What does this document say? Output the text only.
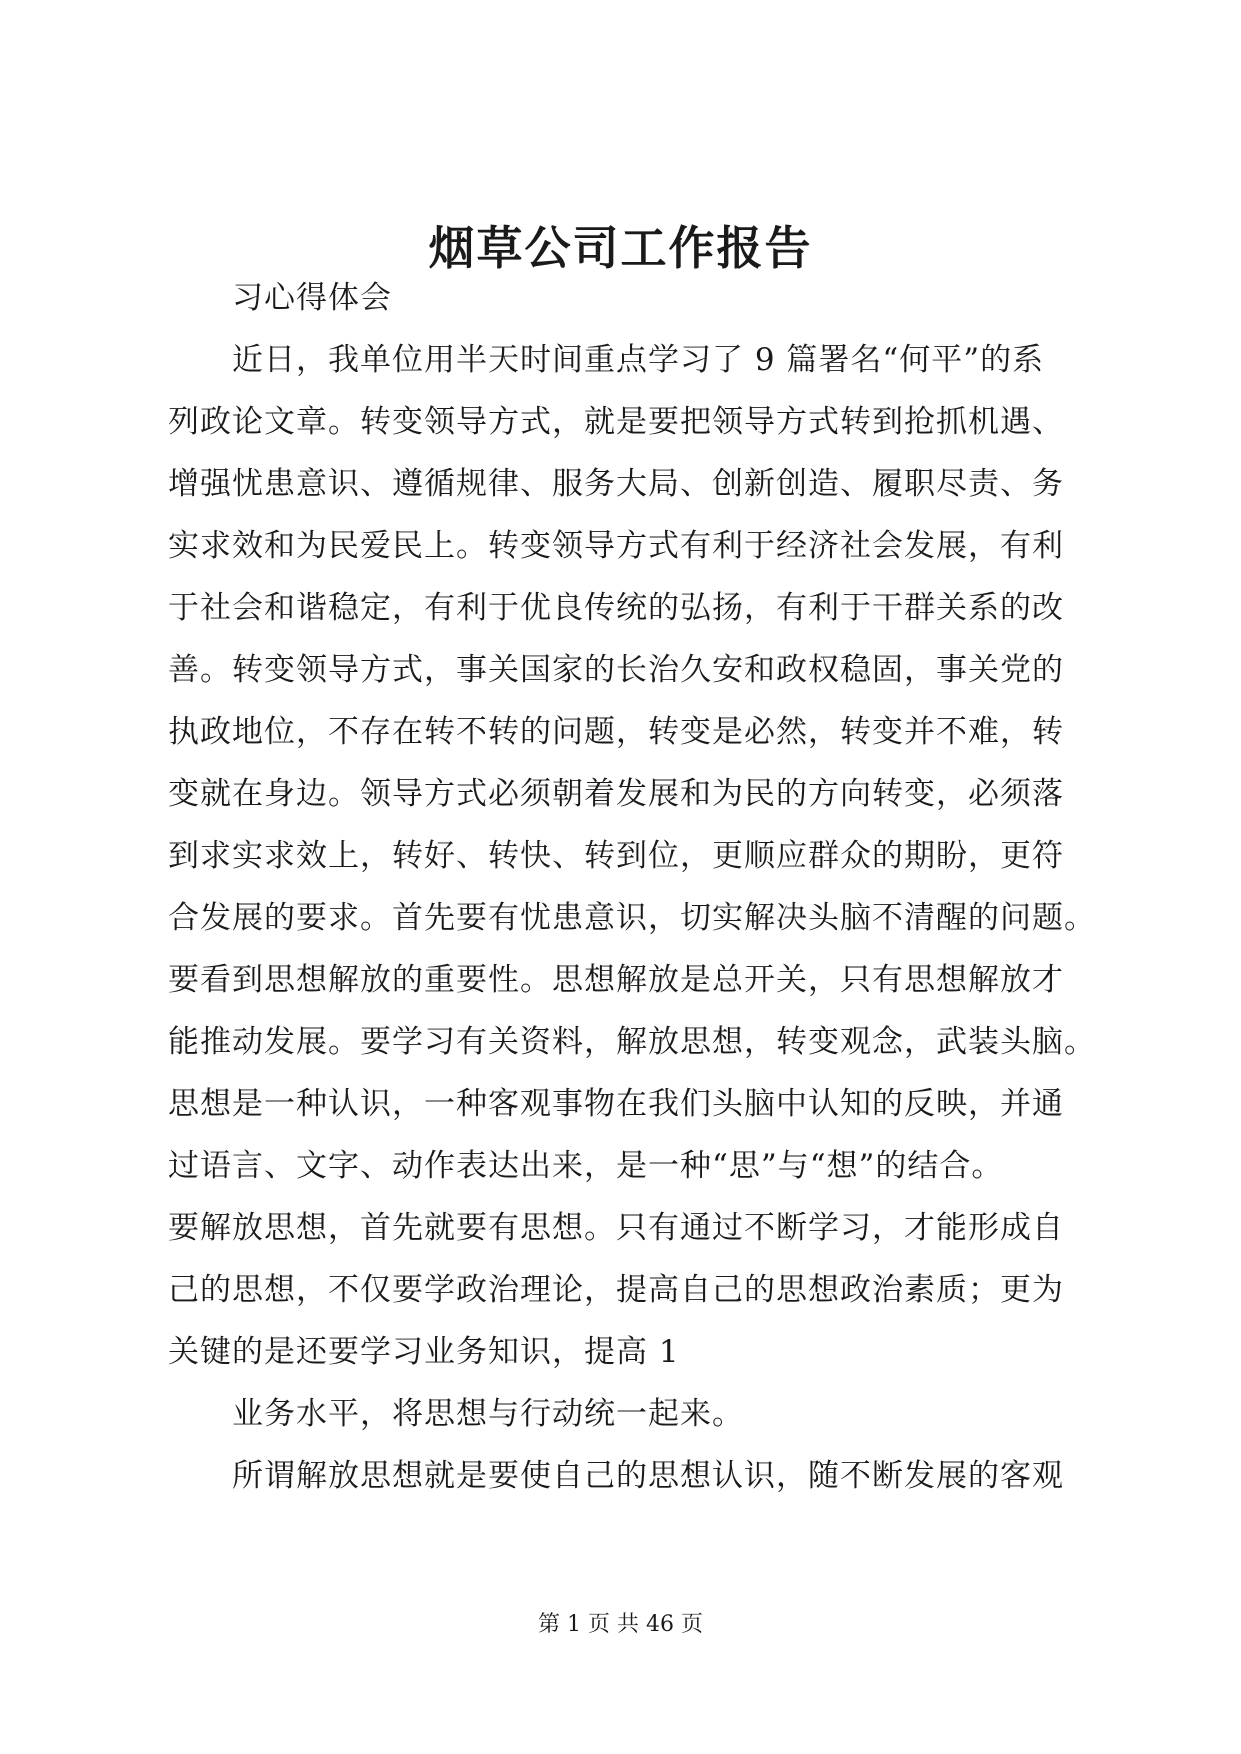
烟草公司工作报告
习心得体会
近日，我单位用半天时间重点学习了 9 篇署名“何平”的系
列政论文章。转变领导方式，就是要把领导方式转到抢抓机遇、
增强忧患意识、遵循规律、服务大局、创新创造、履职尽责、务
实求效和为民爱民上。转变领导方式有利于经济社会发展，有利
于社会和谐稳定，有利于优良传统的弘扬，有利于干群关系的改
善。转变领导方式，事关国家的长治久安和政权稳固，事关党的
执政地位，不存在转不转的问题，转变是必然，转变并不难，转
变就在身边。领导方式必须朝着发展和为民的方向转变，必须落
到求实求效上，转好、转快、转到位，更顺应群众的期盼，更符
合发展的要求。首先要有忧患意识，切实解决头脑不清醒的问题。
要看到思想解放的重要性。思想解放是总开关，只有思想解放才
能推动发展。要学习有关资料，解放思想，转变观念，武装头脑。
思想是一种认识，一种客观事物在我们头脑中认知的反映，并通
过语言、文字、动作表达出来，是一种“思”与“想”的结合。
要解放思想，首先就要有思想。只有通过不断学习，才能形成自
己的思想，不仅要学政治理论，提高自己的思想政治素质；更为
关键的是还要学习业务知识，提高 1
业务水平，将思想与行动统一起来。
所谓解放思想就是要使自己的思想认识，随不断发展的客观
第 1 页 共 46 页
